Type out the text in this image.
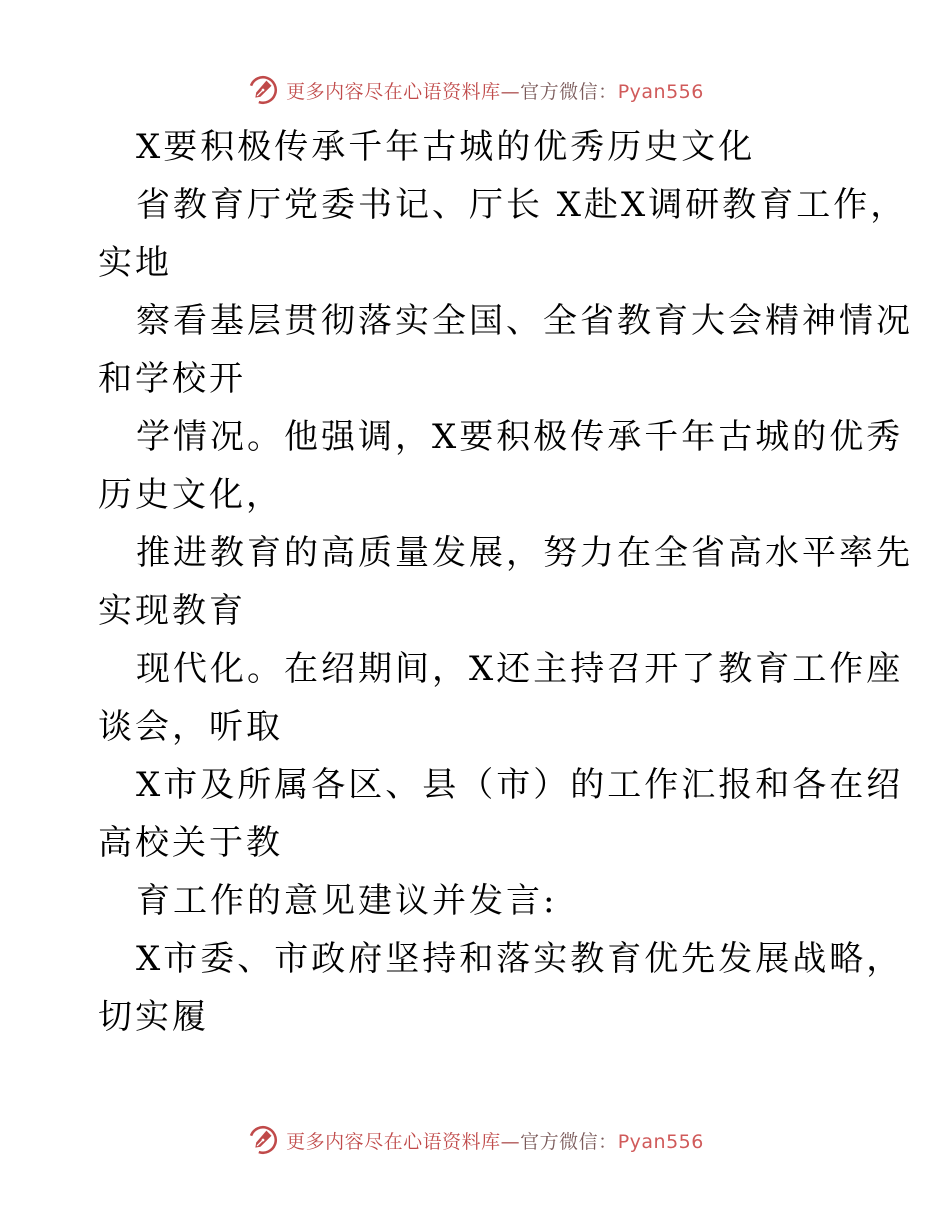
更多内容尽在心语资料库—官方微信：Pyan556
X要积极传承千年古城的优秀历史文化
省教育厅党委书记、厅长 X赴X调研教育工作，
实地
察看基层贯彻落实全国、全省教育大会精神情况
和学校开
学情况。他强调，X要积极传承千年古城的优秀
历史文化，
推进教育的高质量发展，努力在全省高水平率先
实现教育
现代化。在绍期间，X还主持召开了教育工作座
谈会，听取
X市及所属各区、县（市）的工作汇报和各在绍
高校关于教
育工作的意见建议并发言:
X市委、市政府坚持和落实教育优先发展战略，
切实履
更多内容尽在心语资料库—官方微信：Pyan556
